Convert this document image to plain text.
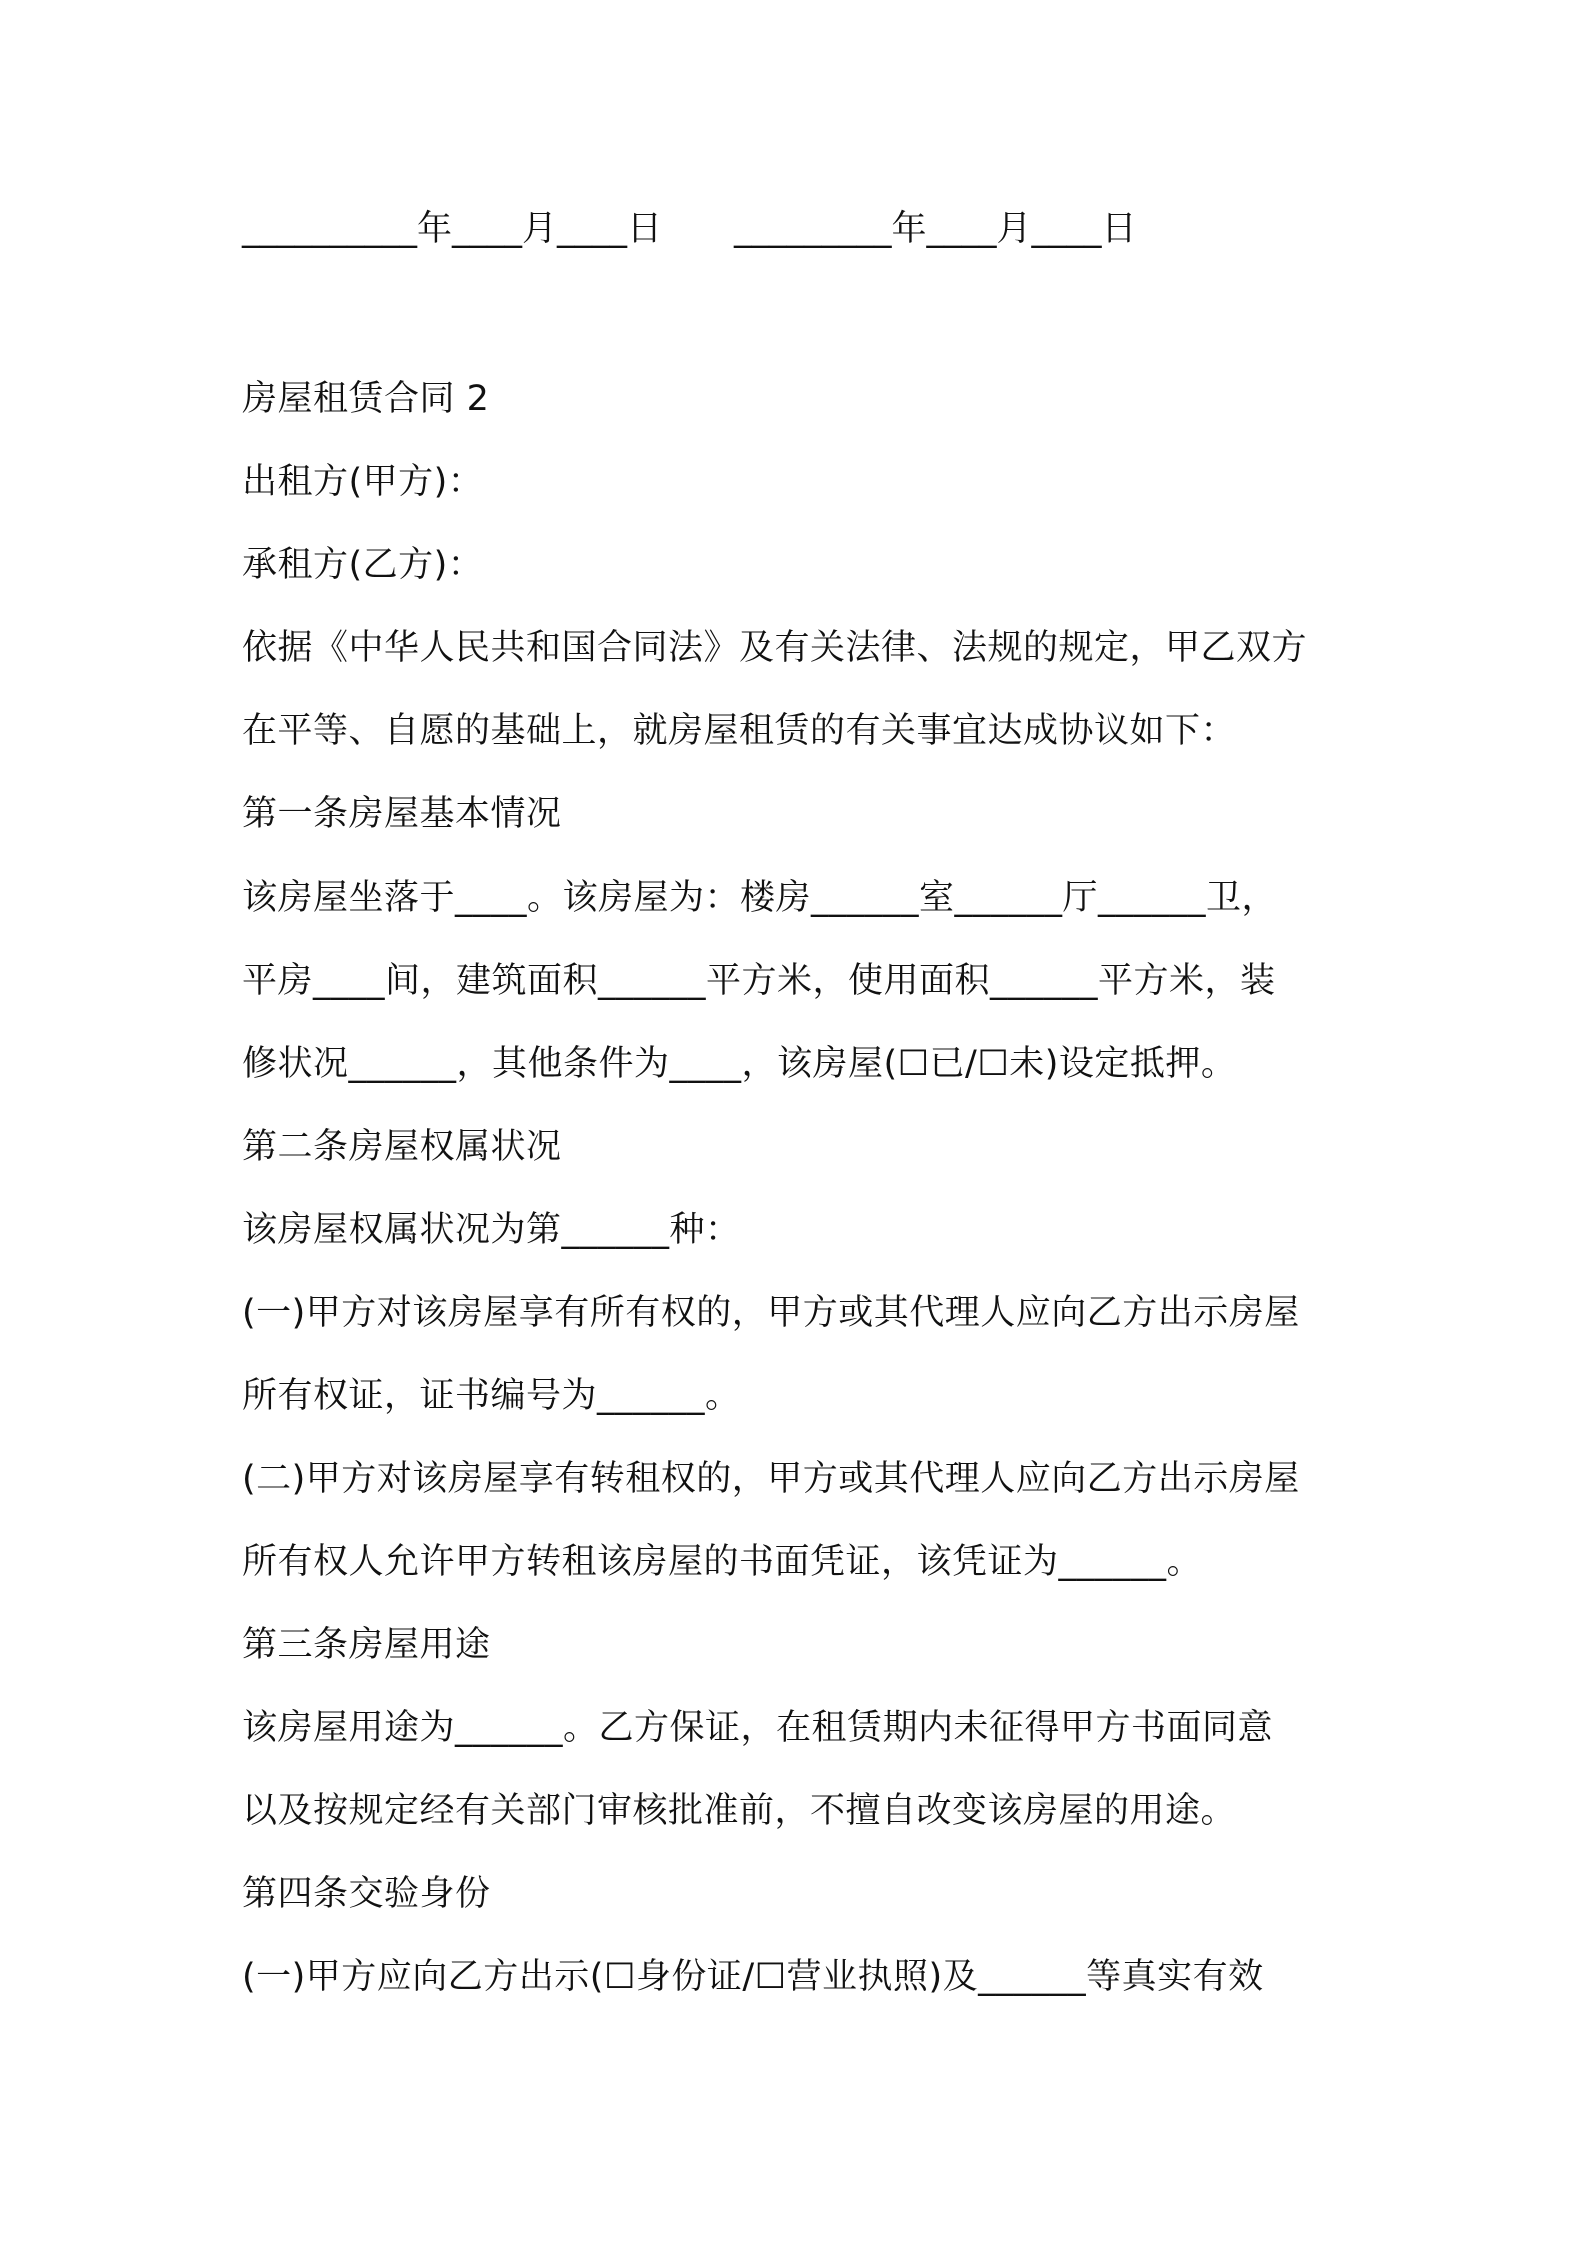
__________年____月____日 _________年____月____日
房屋租赁合同 2
出租方(甲方)：
承租方(乙方)：
依据《中华人民共和国合同法》及有关法律、法规的规定，甲乙双方
在平等、自愿的基础上，就房屋租赁的有关事宜达成协议如下：
第一条房屋基本情况
该房屋坐落于____。该房屋为：楼房______室______厅______卫，
平房____间，建筑面积______平方米，使用面积______平方米，装
修状况______，其他条件为____，该房屋(☐已/☐未)设定抵押。
第二条房屋权属状况
该房屋权属状况为第______种：
(一)甲方对该房屋享有所有权的，甲方或其代理人应向乙方出示房屋
所有权证，证书编号为______。
(二)甲方对该房屋享有转租权的，甲方或其代理人应向乙方出示房屋
所有权人允许甲方转租该房屋的书面凭证，该凭证为______。
第三条房屋用途
该房屋用途为______。乙方保证，在租赁期内未征得甲方书面同意
以及按规定经有关部门审核批准前，不擅自改变该房屋的用途。
第四条交验身份
(一)甲方应向乙方出示(☐身份证/☐营业执照)及______等真实有效
